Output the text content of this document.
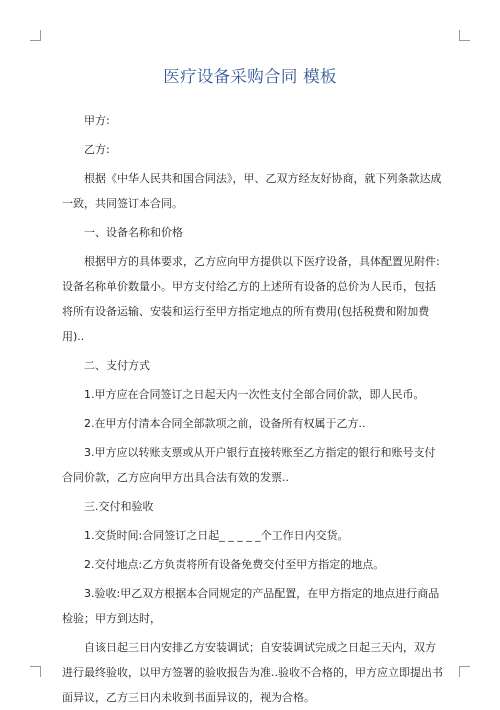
医疗设备采购合同 模板
甲方:
乙方:
根据《中华人民共和国合同法》，甲、乙双方经友好协商，就下列条款达成一致，共同签订本合同。
一、设备名称和价格
根据甲方的具体要求，乙方应向甲方提供以下医疗设备，具体配置见附件:设备名称单价数量小。甲方支付给乙方的上述所有设备的总价为人民币，包括将所有设备运输、安装和运行至甲方指定地点的所有费用(包括税费和附加费用)..
二、支付方式
1.甲方应在合同签订之日起天内一次性支付全部合同价款，即人民币。
2.在甲方付清本合同全部款项之前，设备所有权属于乙方..
3.甲方应以转账支票或从开户银行直接转账至乙方指定的银行和账号支付合同价款，乙方应向甲方出具合法有效的发票..
三.交付和验收
1.交货时间:合同签订之日起_ _ _ _ _个工作日内交货。
2.交付地点:乙方负责将所有设备免费交付至甲方指定的地点。
3.验收:甲乙双方根据本合同规定的产品配置，在甲方指定的地点进行商品检验；甲方到达时，
自该日起三日内安排乙方安装调试；自安装调试完成之日起三天内，双方进行最终验收，以甲方签署的验收报告为准..验收不合格的，甲方应立即提出书面异议，乙方三日内未收到书面异议的，视为合格。
